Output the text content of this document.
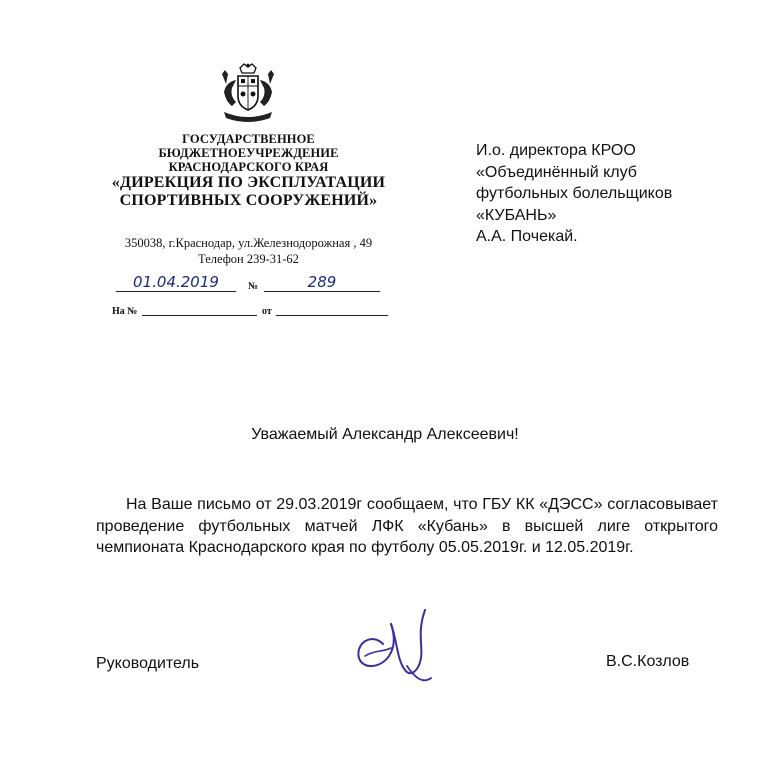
ГОСУДАРСТВЕННОЕ
БЮДЖЕТНОЕУЧРЕЖДЕНИЕ
КРАСНОДАРСКОГО КРАЯ
«ДИРЕКЦИЯ ПО ЭКСПЛУАТАЦИИ
СПОРТИВНЫХ СООРУЖЕНИЙ»
350038, г.Краснодар, ул.Железнодорожная , 49
Телефон 239-31-62
01.04.2019	№	289
На №	от
И.о. директора КРОО
«Объединённый клуб
футбольных болельщиков
«КУБАНЬ»
А.А. Почекай.
Уважаемый Александр Алексеевич!
На Ваше письмо от 29.03.2019г сообщаем, что ГБУ КК «ДЭСС» согласовывает проведение футбольных матчей ЛФК «Кубань» в высшей лиге открытого чемпионата Краснодарского края по футболу 05.05.2019г. и 12.05.2019г.
Руководитель	В.С.Козлов
